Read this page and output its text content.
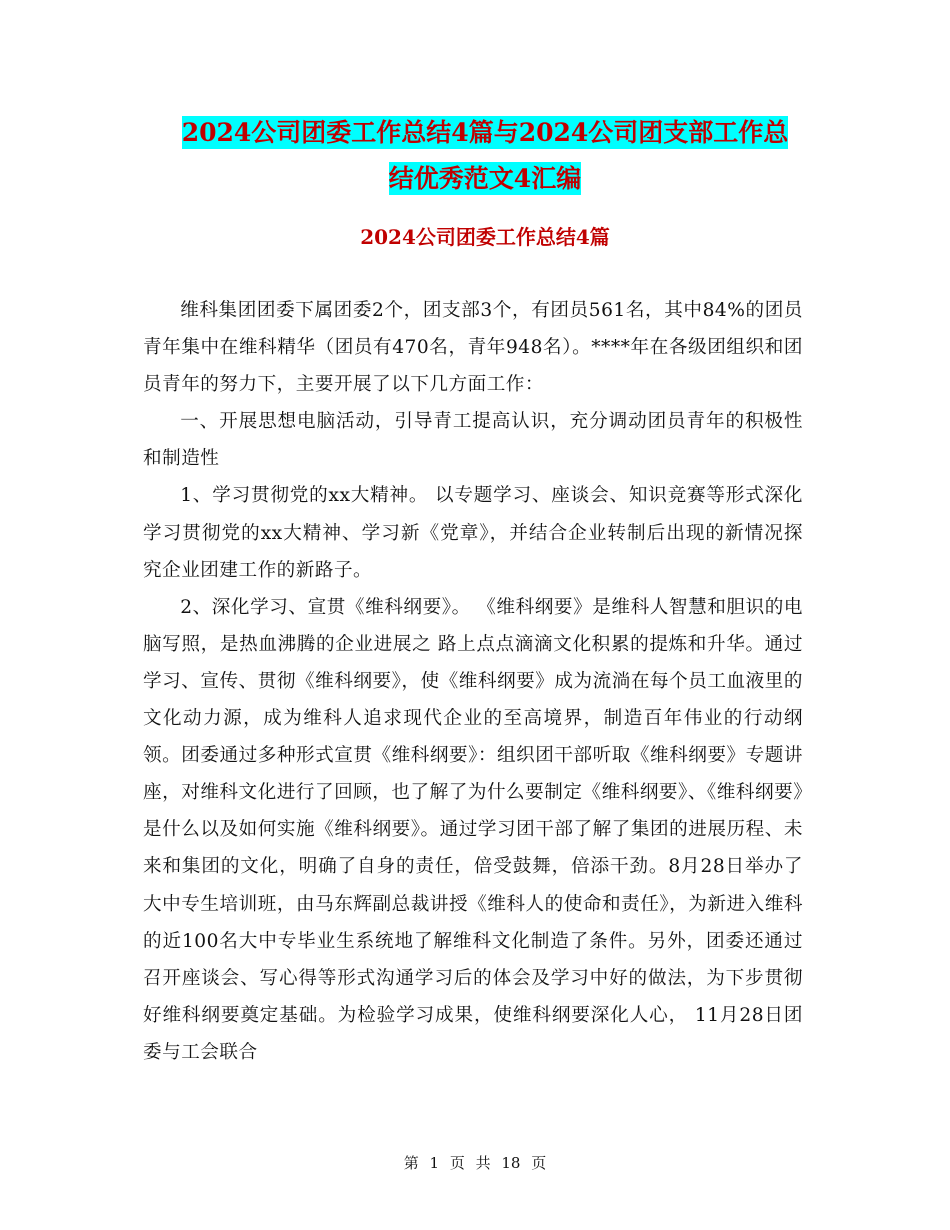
2024公司团委工作总结4篇与2024公司团支部工作总
结优秀范文4汇编
2024公司团委工作总结4篇

维科集团团委下属团委2个，团支部3个，有团员561名，其中84%的团员青年集中在维科精华（团员有470名，青年948名）。****年在各级团组织和团员青年的努力下，主要开展了以下几方面工作：

一、开展思想电脑活动，引导青工提高认识，充分调动团员青年的积极性和制造性

1、学习贯彻党的xx大精神。 以专题学习、座谈会、知识竞赛等形式深化学习贯彻党的xx大精神、学习新《党章》，并结合企业转制后出现的新情况探究企业团建工作的新路子。

2、深化学习、宣贯《维科纲要》。 《维科纲要》是维科人智慧和胆识的电脑写照，是热血沸腾的企业进展之 路上点点滴滴文化积累的提炼和升华。通过学习、宣传、贯彻《维科纲要》，使《维科纲要》成为流淌在每个员工血液里的文化动力源，成为维科人追求现代企业的至高境界，制造百年伟业的行动纲领。团委通过多种形式宣贯《维科纲要》：组织团干部听取《维科纲要》专题讲座，对维科文化进行了回顾，也了解了为什么要制定《维科纲要》、《维科纲要》是什么以及如何实施《维科纲要》。通过学习团干部了解了集团的进展历程、未来和集团的文化，明确了自身的责任，倍受鼓舞，倍添干劲。8月28日举办了大中专生培训班，由马东辉副总裁讲授《维科人的使命和责任》，为新进入维科的近100名大中专毕业生系统地了解维科文化制造了条件。另外，团委还通过召开座谈会、写心得等形式沟通学习后的体会及学习中好的做法，为下步贯彻好维科纲要奠定基础。为检验学习成果，使维科纲要深化人心， 11月28日团委与工会联合

第 1 页 共 18 页
